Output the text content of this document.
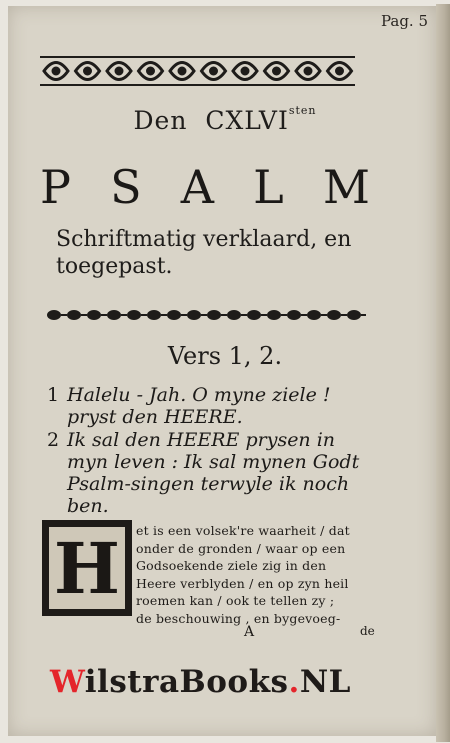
Pag. 5
Den $CXLVI^{sten}$
P S A L M
Schriftmatig verklaard, en
toegepast.
Vers 1, 2.
1 Halelu - Jah. O myne ziele !
pryst den HEERE.
2 Ik sal den HEERE prysen in
myn leven : Ik sal mynen Godt
Psalm-singen terwyle ik noch ben.
H	et is een volsek're waarheit / dat
onder de gronden / waar op een
Godsoekende ziele zig in den
Heere verblyden / en op zyn heil
roemen kan / ook te tellen zy ;
de beschouwing , en bygevoeg-
A	de
WilstraBooks.NL
